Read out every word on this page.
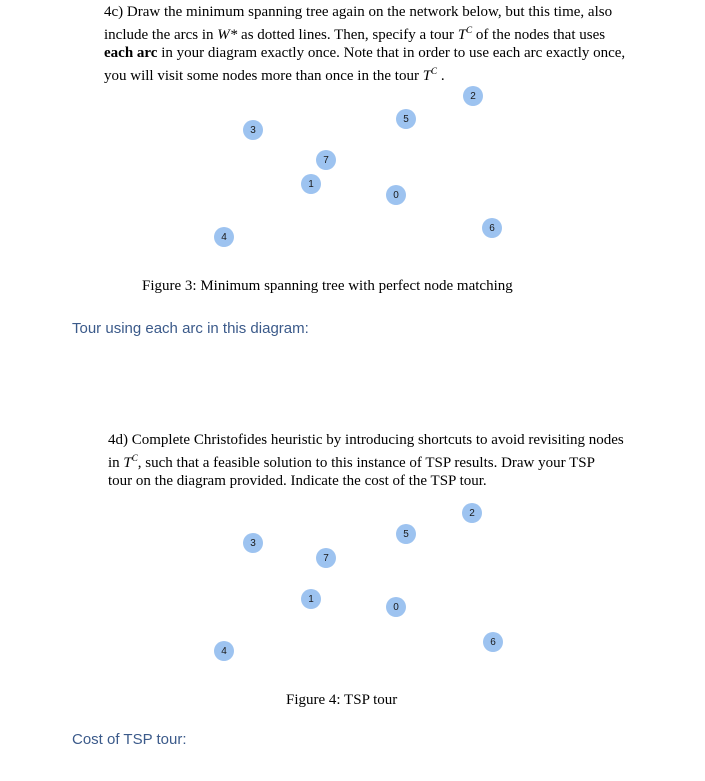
4c) Draw the minimum spanning tree again on the network below, but this time, also

include the arcs in W* as dotted lines. Then, specify a tour $T^C$ of the nodes that uses

each arc in your diagram exactly once. Note that in order to use each arc exactly once,

you will visit some nodes more than once in the tour $T^C$ .

3
5
2
7
1
0
6
4
Figure 3: Minimum spanning tree with perfect node matching
Tour using each arc in this diagram:

4d) Complete Christofides heuristic by introducing shortcuts to avoid revisiting nodes

in $T^C$, such that a feasible solution to this instance of TSP results. Draw your TSP

tour on the diagram provided. Indicate the cost of the TSP tour.

3
5
2
7
1
0
6
4
Figure 4: TSP tour
Cost of TSP tour:
